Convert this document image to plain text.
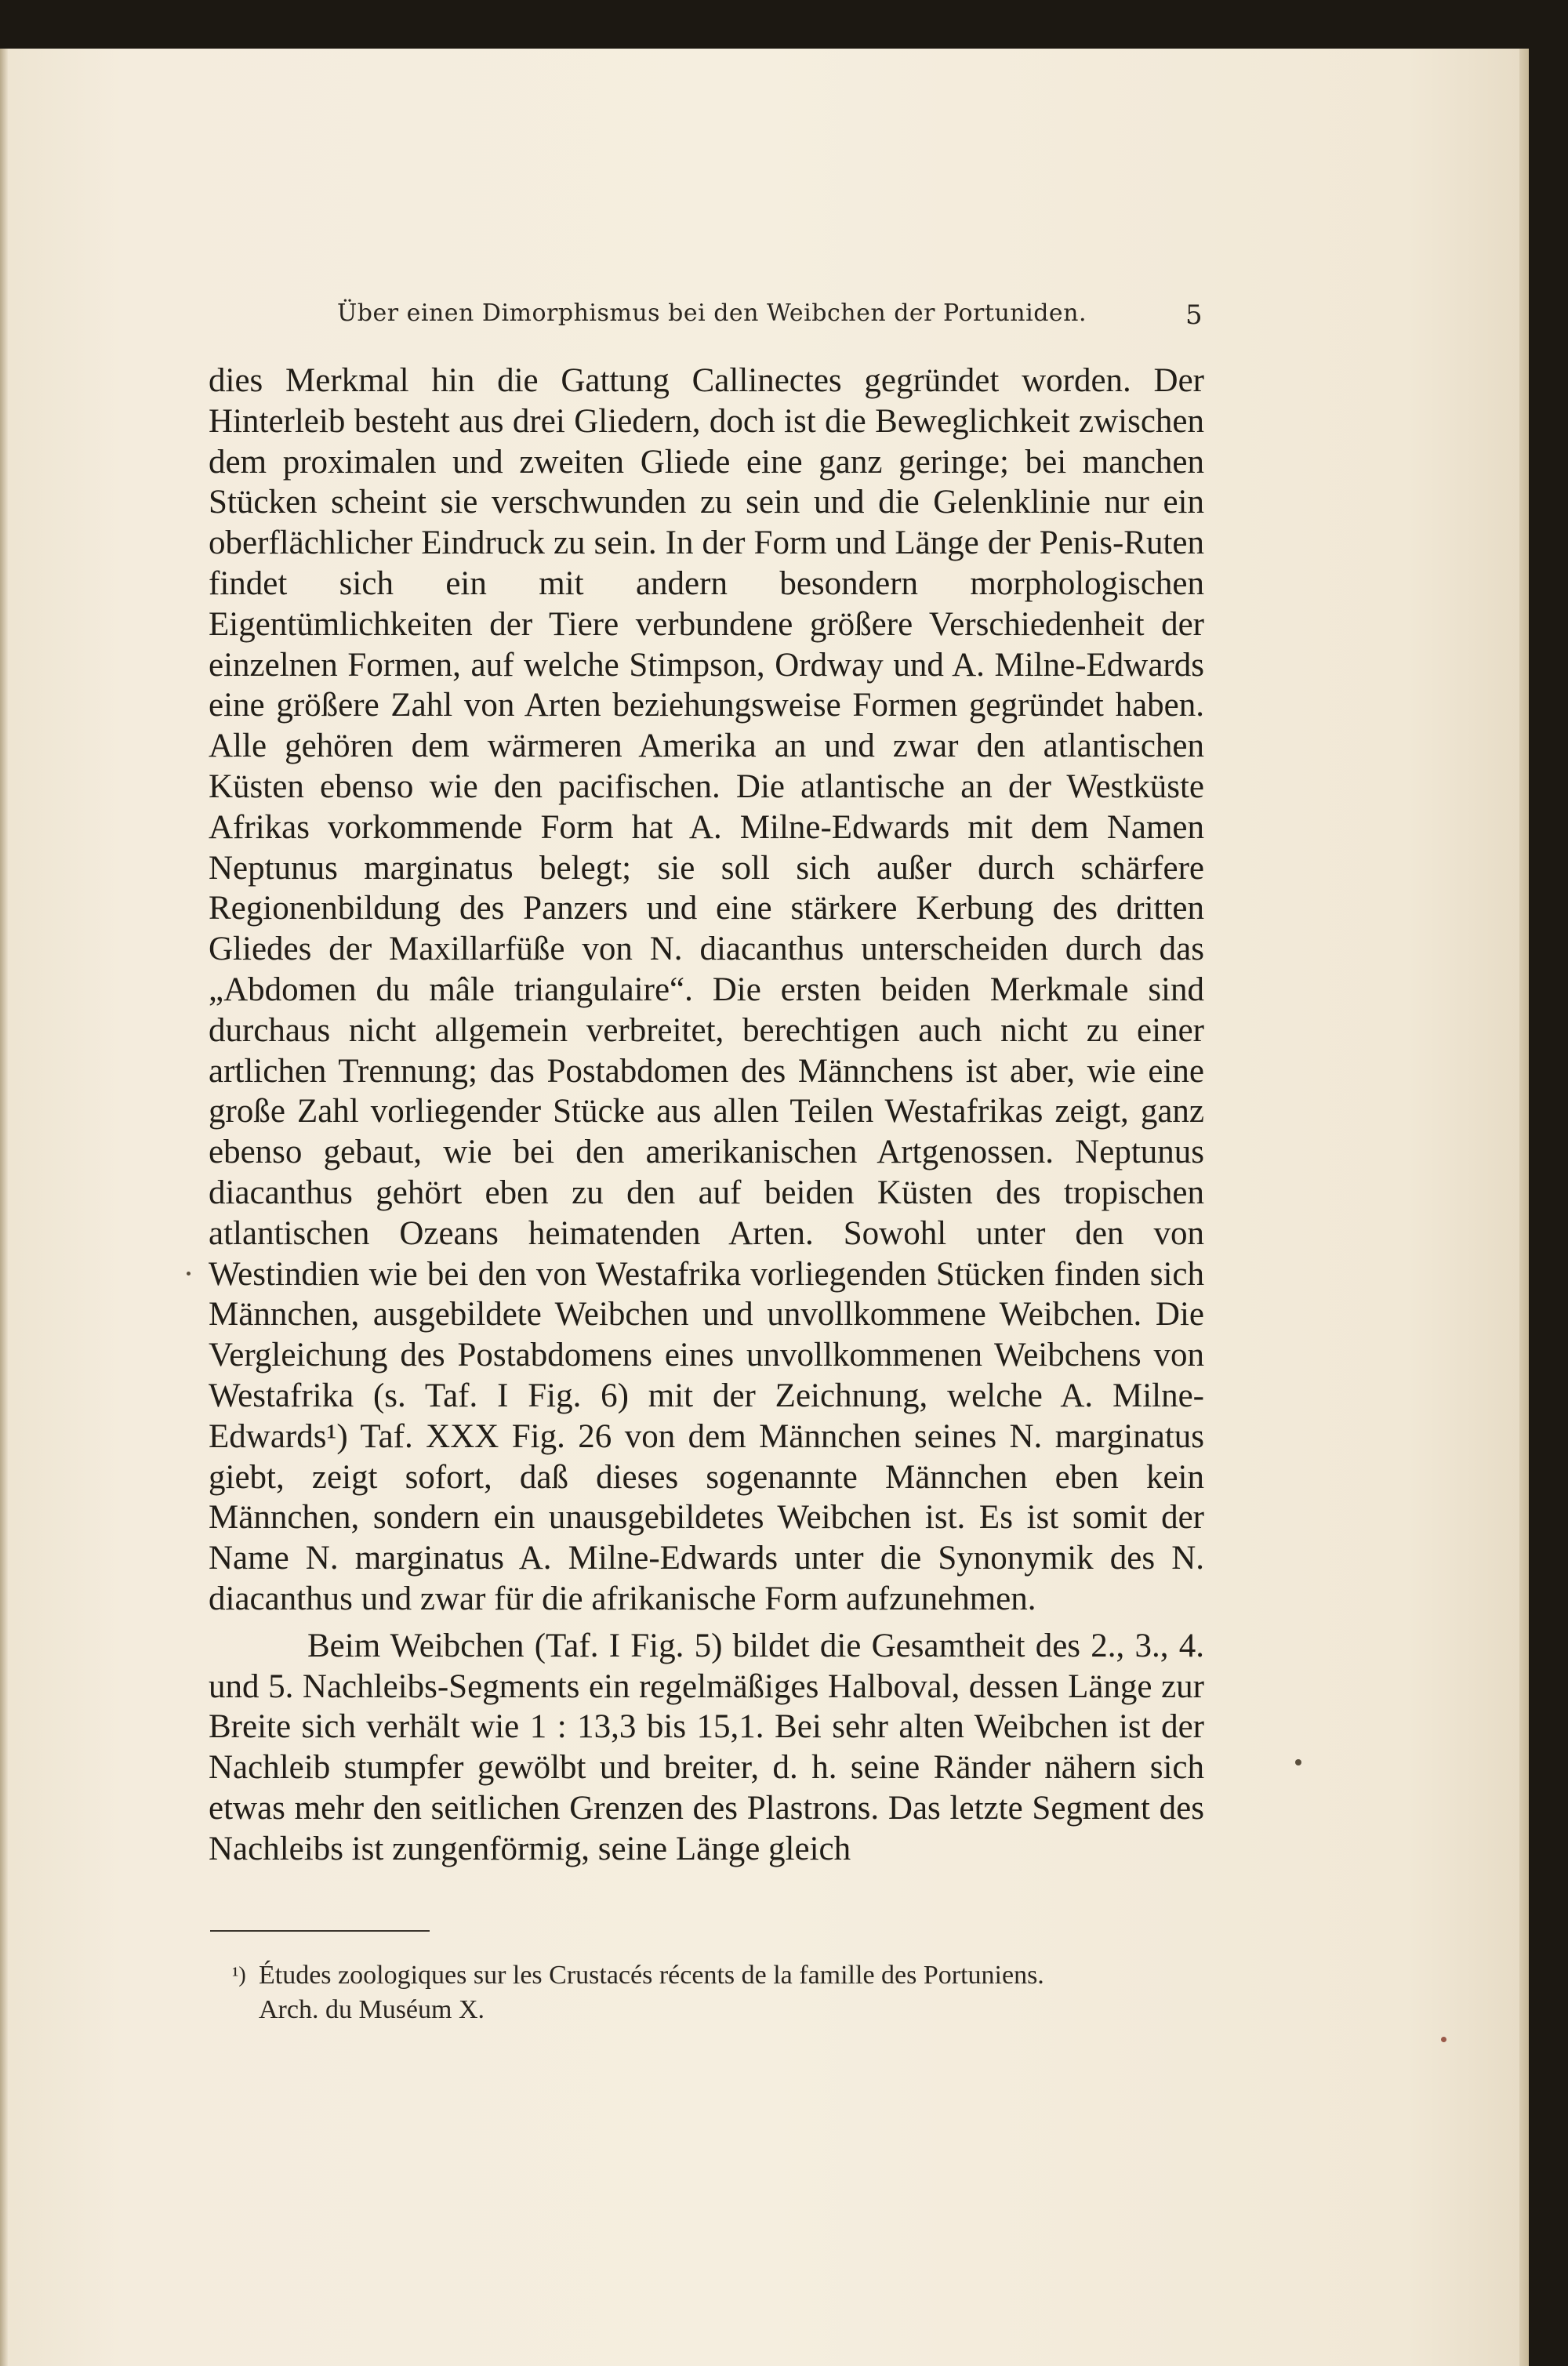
Über einen Dimorphismus bei den Weibchen der Portuniden.	5

dies Merkmal hin die Gattung Callinectes gegründet worden. Der Hinterleib besteht aus drei Gliedern, doch ist die Beweglichkeit zwischen dem proximalen und zweiten Gliede eine ganz geringe; bei manchen Stücken scheint sie verschwunden zu sein und die Gelenklinie nur ein oberflächlicher Eindruck zu sein. In der Form und Länge der Penis-Ruten findet sich ein mit andern besondern morphologischen Eigentümlichkeiten der Tiere verbundene größere Verschiedenheit der einzelnen Formen, auf welche Stimpson, Ordway und A. Milne-Edwards eine größere Zahl von Arten beziehungsweise Formen gegründet haben. Alle gehören dem wärmeren Amerika an und zwar den atlantischen Küsten ebenso wie den pacifischen. Die atlantische an der Westküste Afrikas vorkommende Form hat A. Milne-Edwards mit dem Namen Neptunus marginatus belegt; sie soll sich außer durch schärfere Regionenbildung des Panzers und eine stärkere Kerbung des dritten Gliedes der Maxillarfüße von N. diacanthus unterscheiden durch das „Abdomen du mâle triangulaire“. Die ersten beiden Merkmale sind durchaus nicht allgemein verbreitet, berechtigen auch nicht zu einer artlichen Trennung; das Postabdomen des Männchens ist aber, wie eine große Zahl vorliegender Stücke aus allen Teilen Westafrikas zeigt, ganz ebenso gebaut, wie bei den amerikanischen Artgenossen. Neptunus diacanthus gehört eben zu den auf beiden Küsten des tropischen atlantischen Ozeans heimatenden Arten. Sowohl unter den von Westindien wie bei den von Westafrika vorliegenden Stücken finden sich Männchen, ausgebildete Weibchen und unvollkommene Weibchen. Die Vergleichung des Postabdomens eines unvollkommenen Weibchens von Westafrika (s. Taf. I Fig. 6) mit der Zeichnung, welche A. Milne-Edwards¹) Taf. XXX Fig. 26 von dem Männchen seines N. marginatus giebt, zeigt sofort, daß dieses sogenannte Männchen eben kein Männchen, sondern ein unausgebildetes Weibchen ist. Es ist somit der Name N. marginatus A. Milne-Edwards unter die Synonymik des N. diacanthus und zwar für die afrikanische Form aufzunehmen.

Beim Weibchen (Taf. I Fig. 5) bildet die Gesamtheit des 2., 3., 4. und 5. Nachleibs-Segments ein regelmäßiges Halboval, dessen Länge zur Breite sich verhält wie 1 : 13,3 bis 15,1. Bei sehr alten Weibchen ist der Nachleib stumpfer gewölbt und breiter, d. h. seine Ränder nähern sich etwas mehr den seitlichen Grenzen des Plastrons. Das letzte Segment des Nachleibs ist zungenförmig, seine Länge gleich

¹) Études zoologiques sur les Crustacés récents de la famille des Portuniens.
Arch. du Muséum X.
